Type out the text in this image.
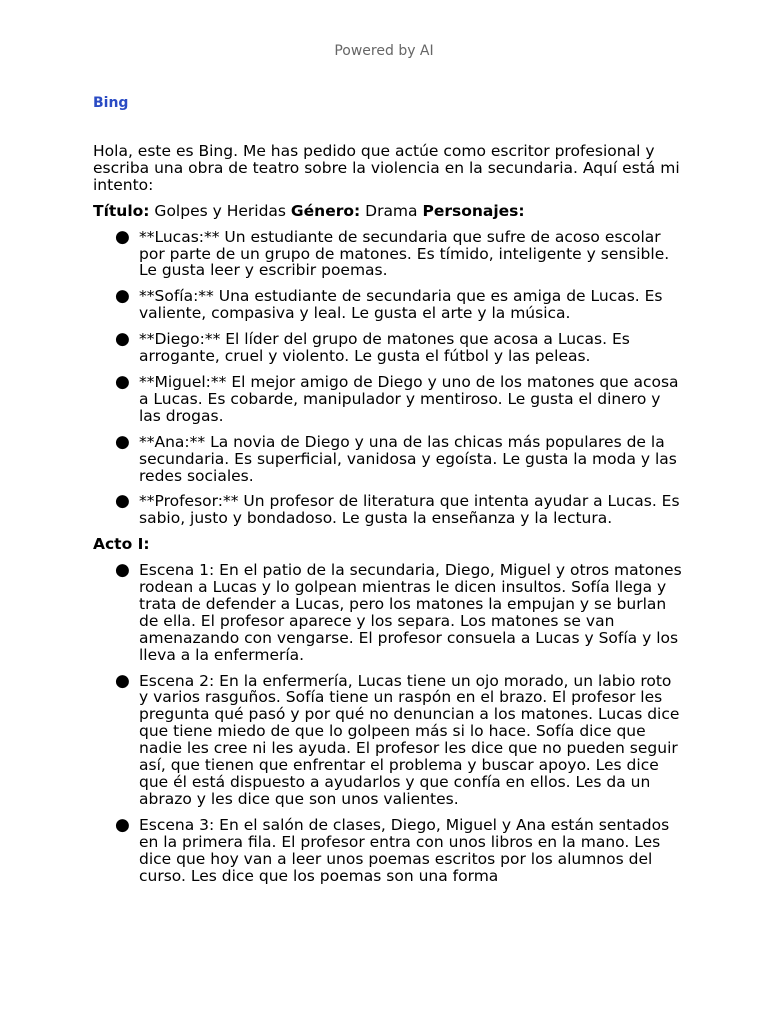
Powered by AI
Bing

Hola, este es Bing. Me has pedido que actúe como escritor profesional y escriba una obra de teatro sobre la violencia en la secundaria. Aquí está mi intento:

Título: Golpes y Heridas Género: Drama Personajes:

● **Lucas:** Un estudiante de secundaria que sufre de acoso escolar por parte de un grupo de matones. Es tímido, inteligente y sensible. Le gusta leer y escribir poemas.
● **Sofía:** Una estudiante de secundaria que es amiga de Lucas. Es valiente, compasiva y leal. Le gusta el arte y la música.
● **Diego:** El líder del grupo de matones que acosa a Lucas. Es arrogante, cruel y violento. Le gusta el fútbol y las peleas.
● **Miguel:** El mejor amigo de Diego y uno de los matones que acosa a Lucas. Es cobarde, manipulador y mentiroso. Le gusta el dinero y las drogas.
● **Ana:** La novia de Diego y una de las chicas más populares de la secundaria. Es superficial, vanidosa y egoísta. Le gusta la moda y las redes sociales.
● **Profesor:** Un profesor de literatura que intenta ayudar a Lucas. Es sabio, justo y bondadoso. Le gusta la enseñanza y la lectura.

Acto I:

● Escena 1: En el patio de la secundaria, Diego, Miguel y otros matones rodean a Lucas y lo golpean mientras le dicen insultos. Sofía llega y trata de defender a Lucas, pero los matones la empujan y se burlan de ella. El profesor aparece y los separa. Los matones se van amenazando con vengarse. El profesor consuela a Lucas y Sofía y los lleva a la enfermería.
● Escena 2: En la enfermería, Lucas tiene un ojo morado, un labio roto y varios rasguños. Sofía tiene un raspón en el brazo. El profesor les pregunta qué pasó y por qué no denuncian a los matones. Lucas dice que tiene miedo de que lo golpeen más si lo hace. Sofía dice que nadie les cree ni les ayuda. El profesor les dice que no pueden seguir así, que tienen que enfrentar el problema y buscar apoyo. Les dice que él está dispuesto a ayudarlos y que confía en ellos. Les da un abrazo y les dice que son unos valientes.
● Escena 3: En el salón de clases, Diego, Miguel y Ana están sentados en la primera fila. El profesor entra con unos libros en la mano. Les dice que hoy van a leer unos poemas escritos por los alumnos del curso. Les dice que los poemas son una forma
